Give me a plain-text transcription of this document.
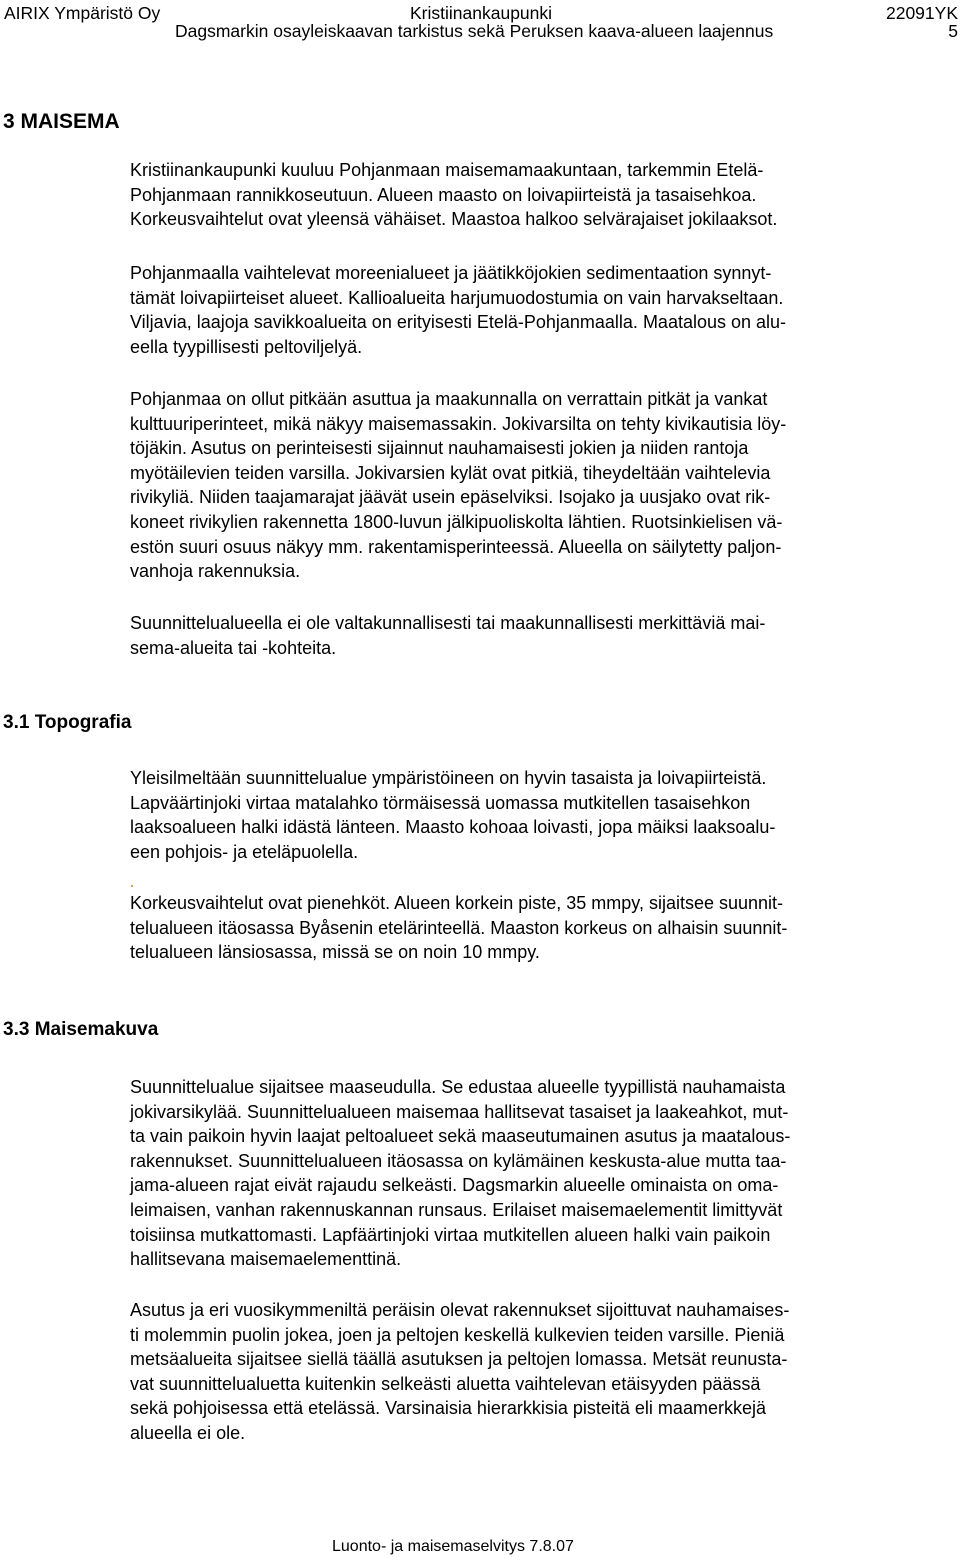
AIRIX Ympäristö Oy	Kristiinankaupunki	22091YK
Dagsmarkin osayleiskaavan tarkistus sekä Peruksen kaava-alueen laajennus	5
3 MAISEMA
Kristiinankaupunki kuuluu Pohjanmaan maisemamaakuntaan, tarkemmin Etelä-
Pohjanmaan rannikkoseutuun. Alueen maasto on loivapiirteistä ja tasaisehkoa.
Korkeusvaihtelut ovat yleensä vähäiset. Maastoa halkoo selvärajaiset jokilaaksot.
Pohjanmaalla vaihtelevat moreenialueet ja jäätikköjokien sedimentaation synnyt-
tämät loivapiirteiset alueet. Kallioalueita harjumuodostumia on vain harvakseltaan.
Viljavia, laajoja savikkoalueita on erityisesti Etelä-Pohjanmaalla. Maatalous on alu-
eella tyypillisesti peltoviljelyä.
Pohjanmaa on ollut pitkään asuttua ja maakunnalla on verrattain pitkät ja vankat
kulttuuriperinteet, mikä näkyy maisemassakin. Jokivarsilta on tehty kivikautisia löy-
töjäkin. Asutus on perinteisesti sijainnut nauhamaisesti jokien ja niiden rantoja
myötäilevien teiden varsilla. Jokivarsien kylät ovat pitkiä, tiheydeltään vaihtelevia
rivikyliä. Niiden taajamarajat jäävät usein epäselviksi. Isojako ja uusjako ovat rik-
koneet rivikylien rakennetta 1800-luvun jälkipuoliskolta lähtien. Ruotsinkielisen vä-
estön suuri osuus näkyy mm. rakentamisperinteessä. Alueella on säilytetty paljon-
vanhoja rakennuksia.
Suunnittelualueella ei ole valtakunnallisesti tai maakunnallisesti merkittäviä mai-
sema-alueita tai -kohteita.
3.1 Topografia
Yleisilmeltään suunnittelualue ympäristöineen on hyvin tasaista ja loivapiirteistä.
Lapväärtinjoki virtaa matalahko törmäisessä uomassa mutkitellen tasaisehkon
laaksoalueen halki idästä länteen. Maasto kohoaa loivasti, jopa mäiksi laaksoalu-
een pohjois- ja eteläpuolella.
Korkeusvaihtelut ovat pienehköt. Alueen korkein piste, 35 mmpy, sijaitsee suunnit-
telualueen itäosassa Byåsenin etelärinteellä. Maaston korkeus on alhaisin suunnit-
telualueen länsiosassa, missä se on noin 10 mmpy.
3.3 Maisemakuva
Suunnittelualue sijaitsee maaseudulla. Se edustaa alueelle tyypillistä nauhamaista
jokivarsikylää. Suunnittelualueen maisemaa hallitsevat tasaiset ja laakeahkot, mut-
ta vain paikoin hyvin laajat peltoalueet sekä maaseutumainen asutus ja maatalous-
rakennukset. Suunnittelualueen itäosassa on kylämäinen keskusta-alue mutta taa-
jama-alueen rajat eivät rajaudu selkeästi. Dagsmarkin alueelle ominaista on oma-
leimaisen, vanhan rakennuskannan runsaus. Erilaiset maisemaelementit limittyvät
toisiinsa mutkattomasti. Lapfäärtinjoki virtaa mutkitellen alueen halki vain paikoin
hallitsevana maisemaelementtinä.
Asutus ja eri vuosikymmeniltä peräisin olevat rakennukset sijoittuvat nauhamaises-
ti molemmin puolin jokea, joen ja peltojen keskellä kulkevien teiden varsille. Pieniä
metsäalueita sijaitsee siellä täällä asutuksen ja peltojen lomassa. Metsät reunusta-
vat suunnittelualuetta kuitenkin selkeästi aluetta vaihtelevan etäisyyden päässä
sekä pohjoisessa että etelässä. Varsinaisia hierarkkisia pisteitä eli maamerkkejä
alueella ei ole.
Luonto- ja maisemaselvitys 7.8.07
